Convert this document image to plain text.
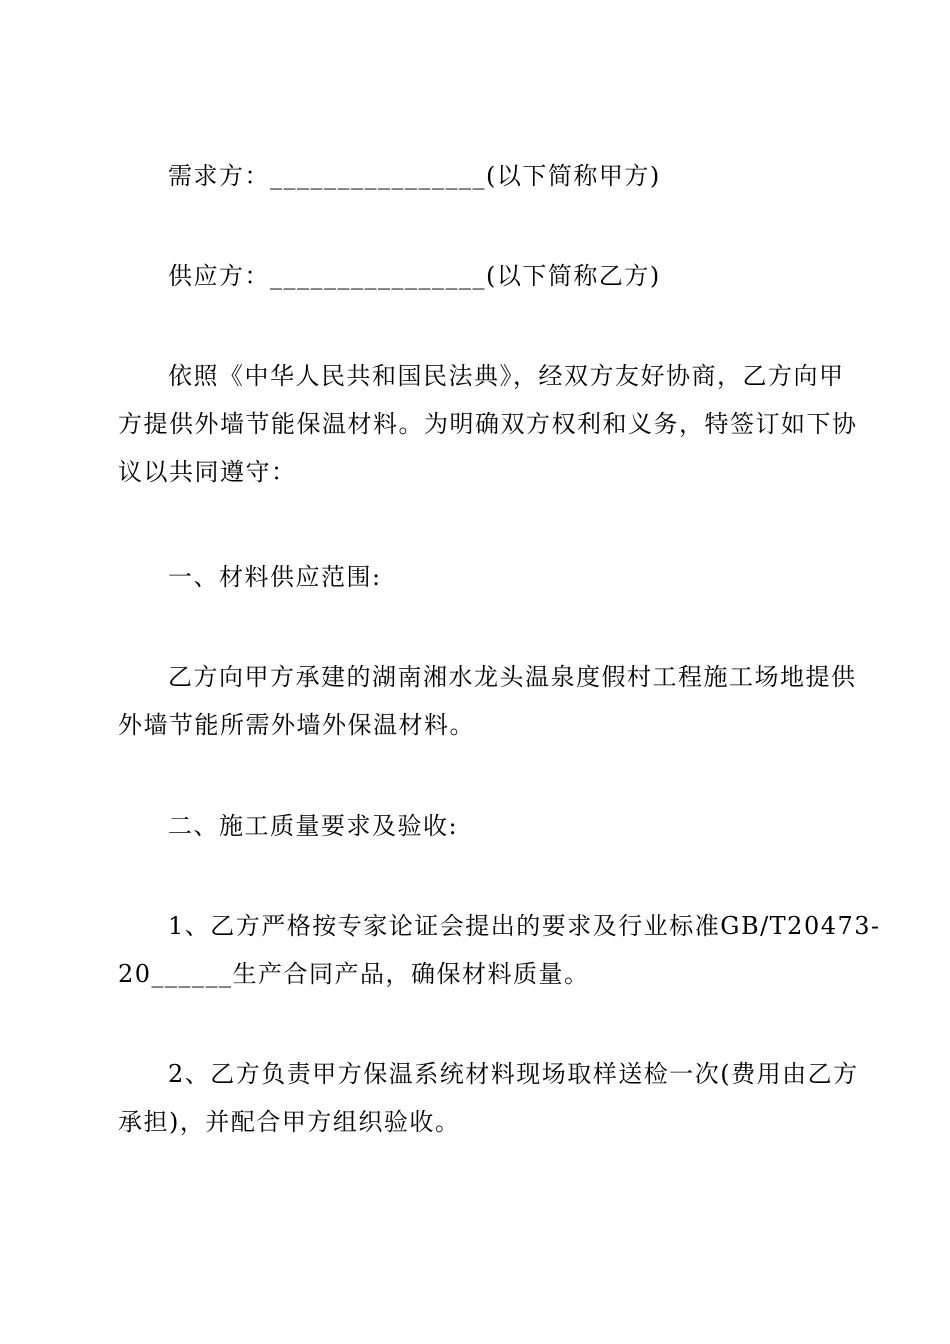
需求方：________________(以下简称甲方)

供应方：________________(以下简称乙方)

依照《中华人民共和国民法典》，经双方友好协商，乙方向甲
方提供外墙节能保温材料。为明确双方权利和义务，特签订如下协
议以共同遵守：

一、材料供应范围:

乙方向甲方承建的湖南湘水龙头温泉度假村工程施工场地提供
外墙节能所需外墙外保温材料。

二、施工质量要求及验收:

1、乙方严格按专家论证会提出的要求及行业标准GB/T20473-
20______生产合同产品，确保材料质量。

2、乙方负责甲方保温系统材料现场取样送检一次(费用由乙方
承担)，并配合甲方组织验收。
